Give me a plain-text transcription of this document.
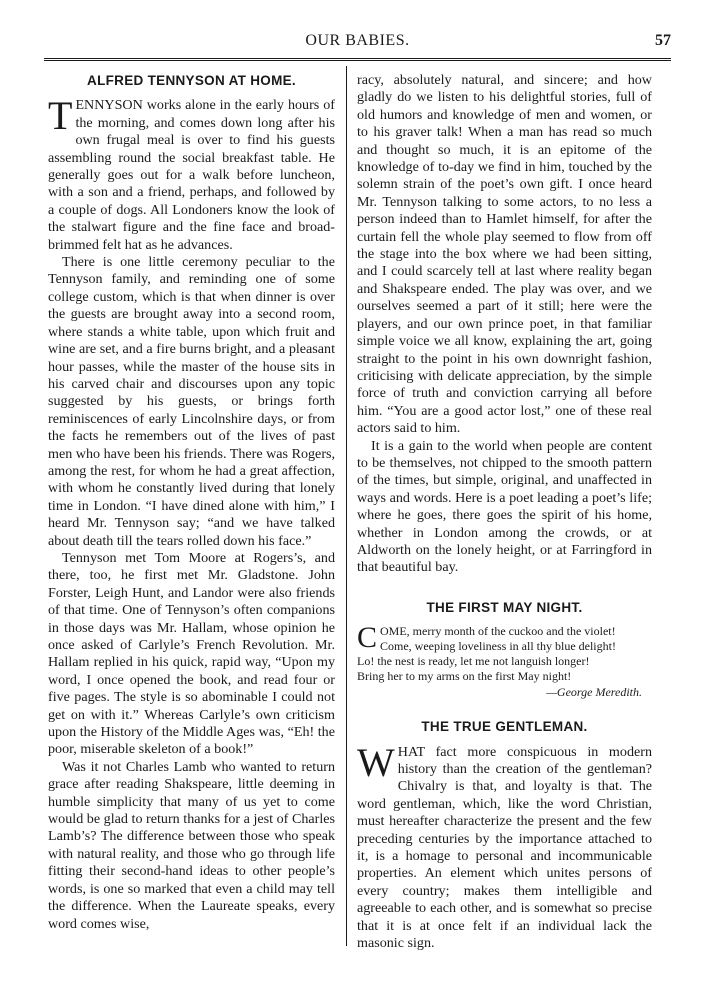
OUR BABIES.	57
ALFRED TENNYSON AT HOME.

TENNYSON works alone in the early hours of the morning, and comes down long after his own frugal meal is over to find his guests assembling round the social breakfast table. He generally goes out for a walk before luncheon, with a son and a friend, perhaps, and followed by a couple of dogs. All Londoners know the look of the stalwart figure and the fine face and broad-brimmed felt hat as he advances.

There is one little ceremony peculiar to the Tennyson family, and reminding one of some college custom, which is that when dinner is over the guests are brought away into a second room, where stands a white table, upon which fruit and wine are set, and a fire burns bright, and a pleasant hour passes, while the master of the house sits in his carved chair and discourses upon any topic suggested by his guests, or brings forth reminiscences of early Lincolnshire days, or from the facts he remembers out of the lives of past men who have been his friends. There was Rogers, among the rest, for whom he had a great affection, with whom he constantly lived during that lonely time in London. “I have dined alone with him,” I heard Mr. Tennyson say; “and we have talked about death till the tears rolled down his face.”

Tennyson met Tom Moore at Rogers’s, and there, too, he first met Mr. Gladstone. John Forster, Leigh Hunt, and Landor were also friends of that time. One of Tennyson’s often companions in those days was Mr. Hallam, whose opinion he once asked of Carlyle’s French Revolution. Mr. Hallam replied in his quick, rapid way, “Upon my word, I once opened the book, and read four or five pages. The style is so abominable I could not get on with it.” Whereas Carlyle’s own criticism upon the History of the Middle Ages was, “Eh! the poor, miserable skeleton of a book!”

Was it not Charles Lamb who wanted to return grace after reading Shakspeare, little deeming in humble simplicity that many of us yet to come would be glad to return thanks for a jest of Charles Lamb’s? The difference between those who speak with natural reality, and those who go through life fitting their second-hand ideas to other people’s words, is one so marked that even a child may tell the difference. When the Laureate speaks, every word comes wise,

racy, absolutely natural, and sincere; and how gladly do we listen to his delightful stories, full of old humors and knowledge of men and women, or to his graver talk! When a man has read so much and thought so much, it is an epitome of the knowledge of to-day we find in him, touched by the solemn strain of the poet’s own gift. I once heard Mr. Tennyson talking to some actors, to no less a person indeed than to Hamlet himself, for after the curtain fell the whole play seemed to flow from off the stage into the box where we had been sitting, and I could scarcely tell at last where reality began and Shakspeare ended. The play was over, and we ourselves seemed a part of it still; here were the players, and our own prince poet, in that familiar simple voice we all know, explaining the art, going straight to the point in his own downright fashion, criticising with delicate appreciation, by the simple force of truth and conviction carrying all before him. “You are a good actor lost,” one of these real actors said to him.

It is a gain to the world when people are content to be themselves, not chipped to the smooth pattern of the times, but simple, original, and unaffected in ways and words. Here is a poet leading a poet’s life; where he goes, there goes the spirit of his home, whether in London among the crowds, or at Aldworth on the lonely height, or at Farringford in that beautiful bay.

THE FIRST MAY NIGHT.
C OME, merry month of the cuckoo and the violet!
Come, weeping loveliness in all thy blue delight!
Lo! the nest is ready, let me not languish longer!
Bring her to my arms on the first May night!
—George Meredith.
THE TRUE GENTLEMAN.

WHAT fact more conspicuous in modern history than the creation of the gentleman? Chivalry is that, and loyalty is that. The word gentleman, which, like the word Christian, must hereafter characterize the present and the few preceding centuries by the importance attached to it, is a homage to personal and incommunicable properties. An element which unites persons of every country; makes them intelligible and agreeable to each other, and is somewhat so precise that it is at once felt if an individual lack the masonic sign.
